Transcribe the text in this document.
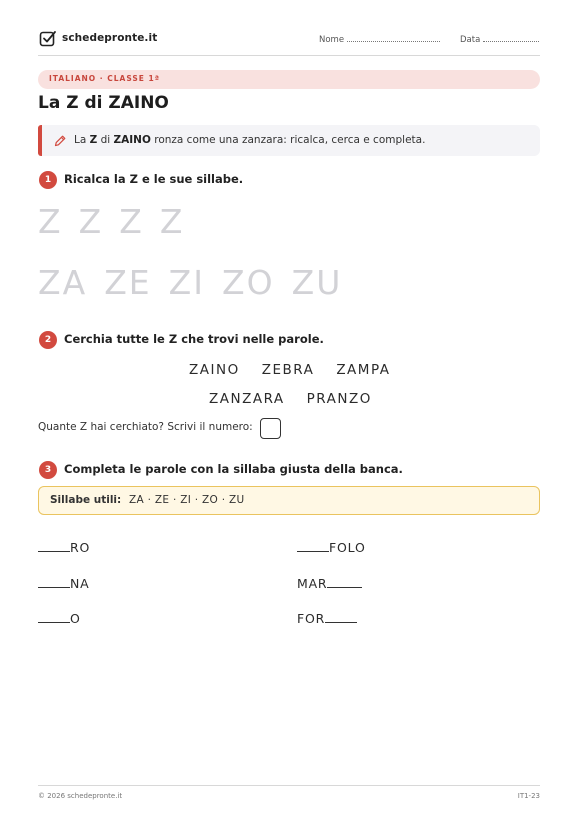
schedepronte.it	Nome	Data
ITALIANO · CLASSE 1ª
La Z di ZAINO
La Z di ZAINO ronza come una zanzara: ricalca, cerca e completa.
1	Ricalca la Z e le sue sillabe.
Z Z Z Z
ZA ZE ZI ZO ZU
2	Cerchia tutte le Z che trovi nelle parole.
ZAINO ZEBRA ZAMPA
ZANZARA PRANZO
Quante Z hai cerchiato? Scrivi il numero:
3	Completa le parole con la sillaba giusta della banca.
Sillabe utili: ZA · ZE · ZI · ZO · ZU
RO	FOLO
NA	MAR
O	FOR
© 2026 schedepronte.it	IT1-23
